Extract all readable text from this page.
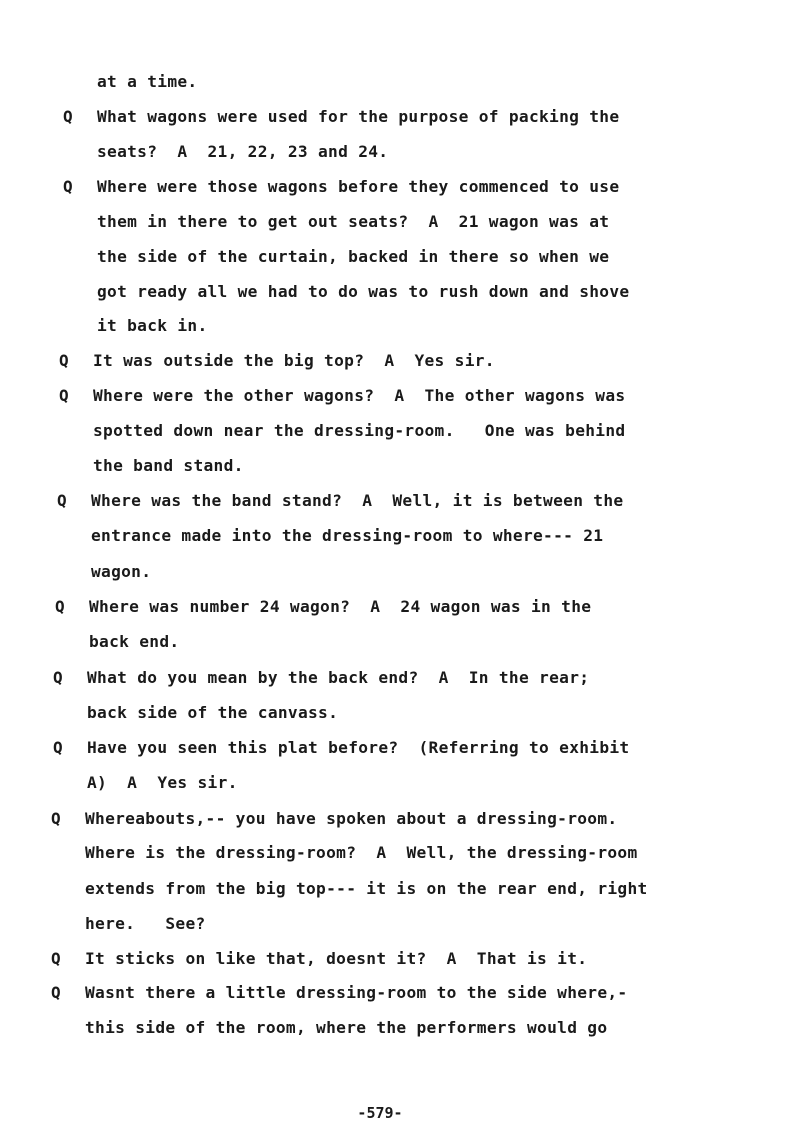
at a time.
Q What wagons were used for the purpose of packing the
seats?  A  21, 22, 23 and 24.
Q Where were those wagons before they commenced to use
them in there to get out seats?  A  21 wagon was at
the side of the curtain, backed in there so when we
got ready all we had to do was to rush down and shove
it back in.
Q It was outside the big top?  A  Yes sir.
Q Where were the other wagons?  A  The other wagons was
spotted down near the dressing-room.   One was behind
the band stand.
Q Where was the band stand?  A  Well, it is between the
entrance made into the dressing-room to where--- 21
wagon.
Q Where was number 24 wagon?  A  24 wagon was in the
back end.
Q What do you mean by the back end?  A  In the rear;
back side of the canvass.
Q Have you seen this plat before?  (Referring to exhibit
A)  A  Yes sir.
Q Whereabouts,-- you have spoken about a dressing-room.
Where is the dressing-room?  A  Well, the dressing-room
extends from the big top--- it is on the rear end, right
here.   See?
Q It sticks on like that, doesnt it?  A  That is it.
Q Wasnt there a little dressing-room to the side where,-
this side of the room, where the performers would go
-579-
